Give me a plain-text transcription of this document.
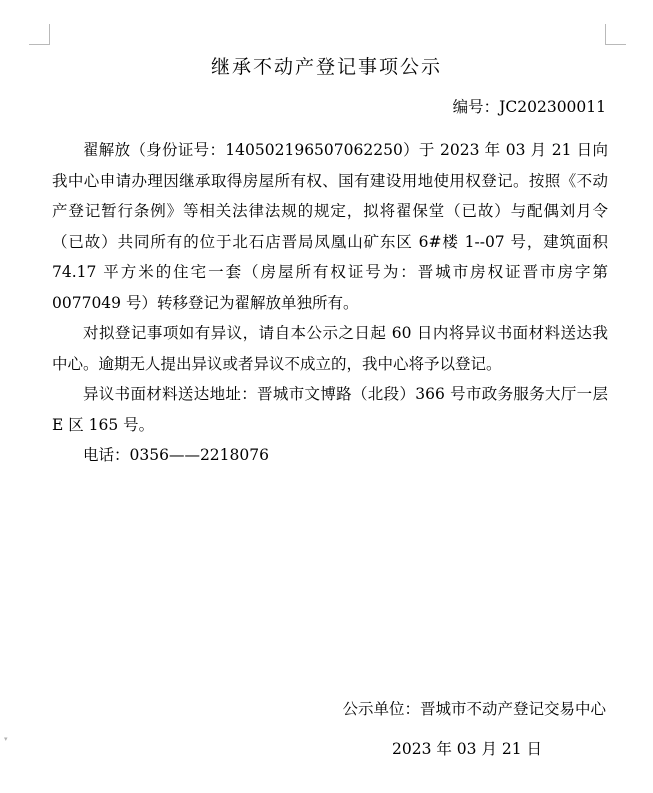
▾
继承不动产登记事项公示
编号：JC202300011

翟解放（身份证号：140502196507062250）于 2023 年 03 月 21 日向我中心申请办理因继承取得房屋所有权、国有建设用地使用权登记。按照《不动产登记暂行条例》等相关法律法规的规定，拟将翟保堂（已故）与配偶刘月令（已故）共同所有的位于北石店晋局凤凰山矿东区 6#楼 1--07 号，建筑面积 74.17 平方米的住宅一套（房屋所有权证号为：晋城市房权证晋市房字第 0077049 号）转移登记为翟解放单独所有。

对拟登记事项如有异议，请自本公示之日起 60 日内将异议书面材料送达我中心。逾期无人提出异议或者异议不成立的，我中心将予以登记。

异议书面材料送达地址：晋城市文博路（北段）366 号市政务服务大厅一层 E 区 165 号。

电话：0356——2218076

公示单位：晋城市不动产登记交易中心
2023 年 03 月 21 日
